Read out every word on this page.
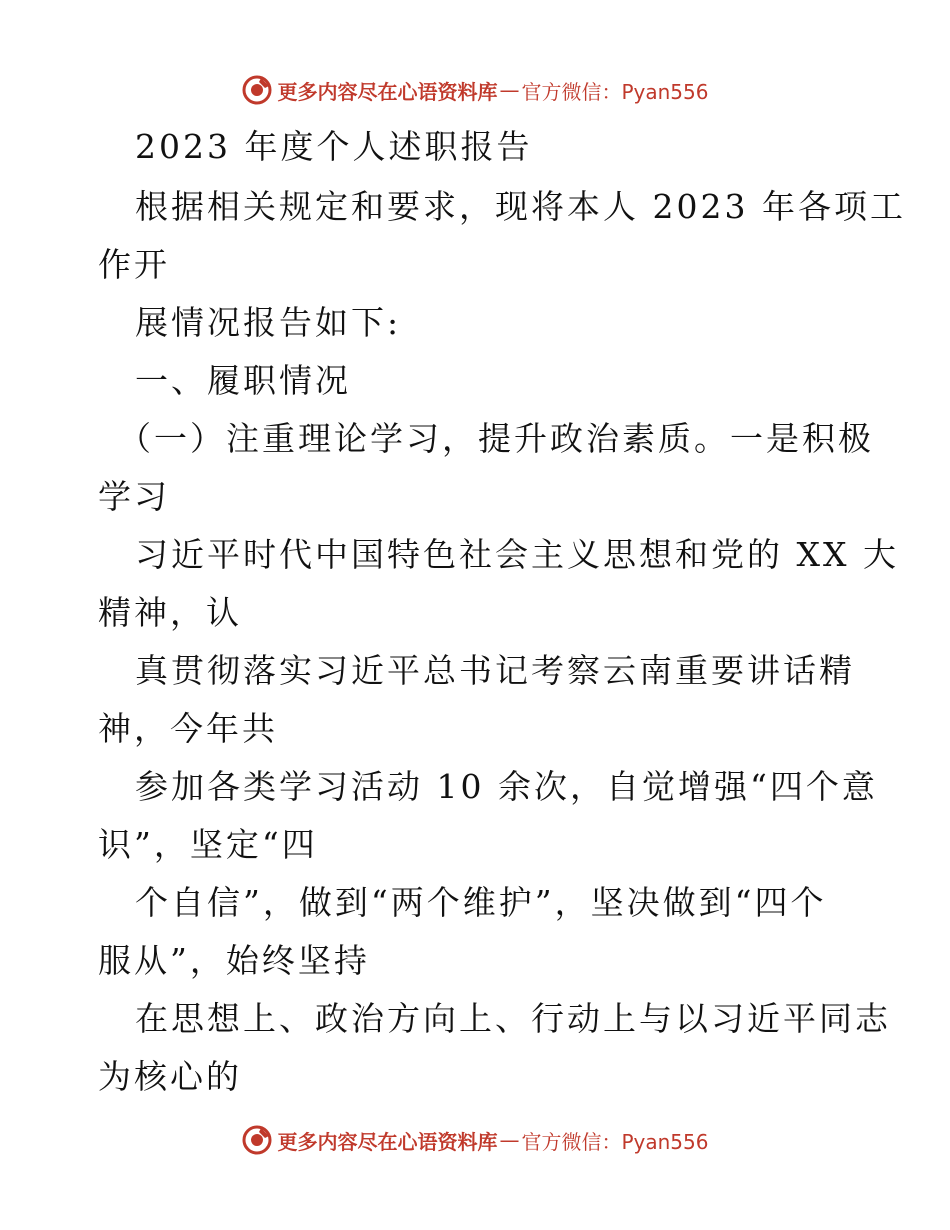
更多内容尽在心语资料库 — 官方微信：Pyan556
2023 年度个人述职报告
根据相关规定和要求，现将本人 2023 年各项工
作开
展情况报告如下:
一、履职情况
（一）注重理论学习，提升政治素质。一是积极
学习
习近平时代中国特色社会主义思想和党的 XX 大
精神，认
真贯彻落实习近平总书记考察云南重要讲话精
神，今年共
参加各类学习活动 10 余次，自觉增强“四个意
识”，坚定“四
个自信”，做到“两个维护”，坚决做到“四个
服从”，始终坚持
在思想上、政治方向上、行动上与以习近平同志
为核心的
更多内容尽在心语资料库 — 官方微信：Pyan556
